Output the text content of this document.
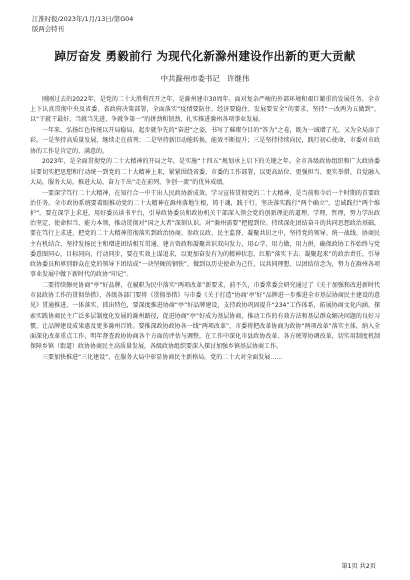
江淮时报/2023年/1月/13日/第G04
版两会特刊
踔厉奋发 勇毅前行 为现代化新滁州建设作出新的更大贡献
中共滁州市委书记　许继伟

刚刚过去的2022年，是党的二十大胜利召开之年，是滁州建市30周年。面对复杂严峻的外部环境和艰巨繁重的发展任务，全市上下认真贯彻中央及省委、省政府决策部署，全面落实“疫情要防住、经济要稳住、发展要安全”的要求，坚持“一改两为五做到”，以“干就干最好、当就当先进、争就争第一”的拼劲和韧劲，扎实推进滁州各项事业发展。

一年来，弘扬红色传统以开局稳局，起步就争先的“奋进”之姿，书写了璀璨夺目的“答为”之卷，既为一域增了光，又为全局添了彩。一是坚持高质量发展，继续走在前列；二是坚持新旧动能转换，能效不断提升；三是坚持持续向民，践行初心使命，市委对市政协的工作是肯定的、满意的。

2023年，是全面贯彻党的二十大精神的开局之年，是实施“十四五”规划承上启下的关键之年。全市各级政协组织和广大政协委员要切实把思想和行动统一到党的二十大精神上来，紧紧围绕省委、市委的工作部署，以更高站位、更强担当、更实举措，自觉融入大局，服务大局，推进大局，奋力干出“走在前列，争创一流”的优异成绩。

一要深学笃行二十大精神，在知行合一中干出人民政协新成效。学习宣传贯彻党的二十大精神，是当前和今后一个时期的首要政治任务。全市政协系统要着眼推动党的二十大精神在滁州落地生根，铸于魂，践于行，坚决落实践行“两个确立”，忠诚践行“两个维护”。要在深学上求进，用好委员读书平台，引导政协委员和政协机关干部深入领会党的创新理论的道理、学理、哲理，努力学出政治坚定、使命担当、能力本领，推动贯彻对“国之大者”深刻认识。对“滁州需要”把握到位。持续深化团结奋斗的共同思想政治基础，要在笃行上求进，把党的二十大精神贯彻落实到政治协商、参政议政、民主监督、凝聚共识之中，坚持党的领导、统一战线、协商民主有机结合，坚持发扬民主和增进团结相互贯通、建言资政和凝聚共识双向发力，用心学、用力做，用力拼，确保政协工作始终与党委意图同心，目标同向、行动同步，要在实效上谋追求，以更加奋发有为的精神状态，红船“落实下去、凝聚起来”的政治责任，引导政协委员和界别群众在党的领导下团结成“一块坚硬的钢铁”，做到以历史使命为己任，以共同理想、以团结信念为，努力在滁州各项事业发展中做下新时代的政协“印记”。

二要持续擦亮协商“亭”好品牌，在履职为民中落实“两项改革”新要求，前不久，市委常委会研究通过了《关于加强和改进新时代市县政协工作的贯彻举措》，各级各部门要将《贯彻举措》与市委《关于打造“协商‘亭’好”品牌进一步推进全市基层协商民主建设的意见》贯通推进，一体落实，抓出特色，要深度推进协商“亭”好品牌建设，支持政协巩固提升“234”工作体系，拓展协商文化内涵，探索实践协商民主广泛多层制度化发展的滁州路径，促进协商“亭”好成为基层协商，推动工作的有效方法和基层群众解决问题的良好习惯，让品牌建设成果惠及更多滁州百姓。要推深政协政协各一线“两项改革”，市委将把改革协商为政协“两项改革”落实主体，纳入全面深化改革重点工作，明年督查政协协商各个方面的评估与调整，在工作中深化市县政协改革、各方统筹协调改革，切实用制度机制保障乡镇（街道）政协协商民主高质量发展，各级政协组织要深入探讨加强乡镇基层协商工作。

三要加快推进“三化建设”，在服务大局中彰显协商民主新格局。党的二十大对全面发展……

第1页 共2页
